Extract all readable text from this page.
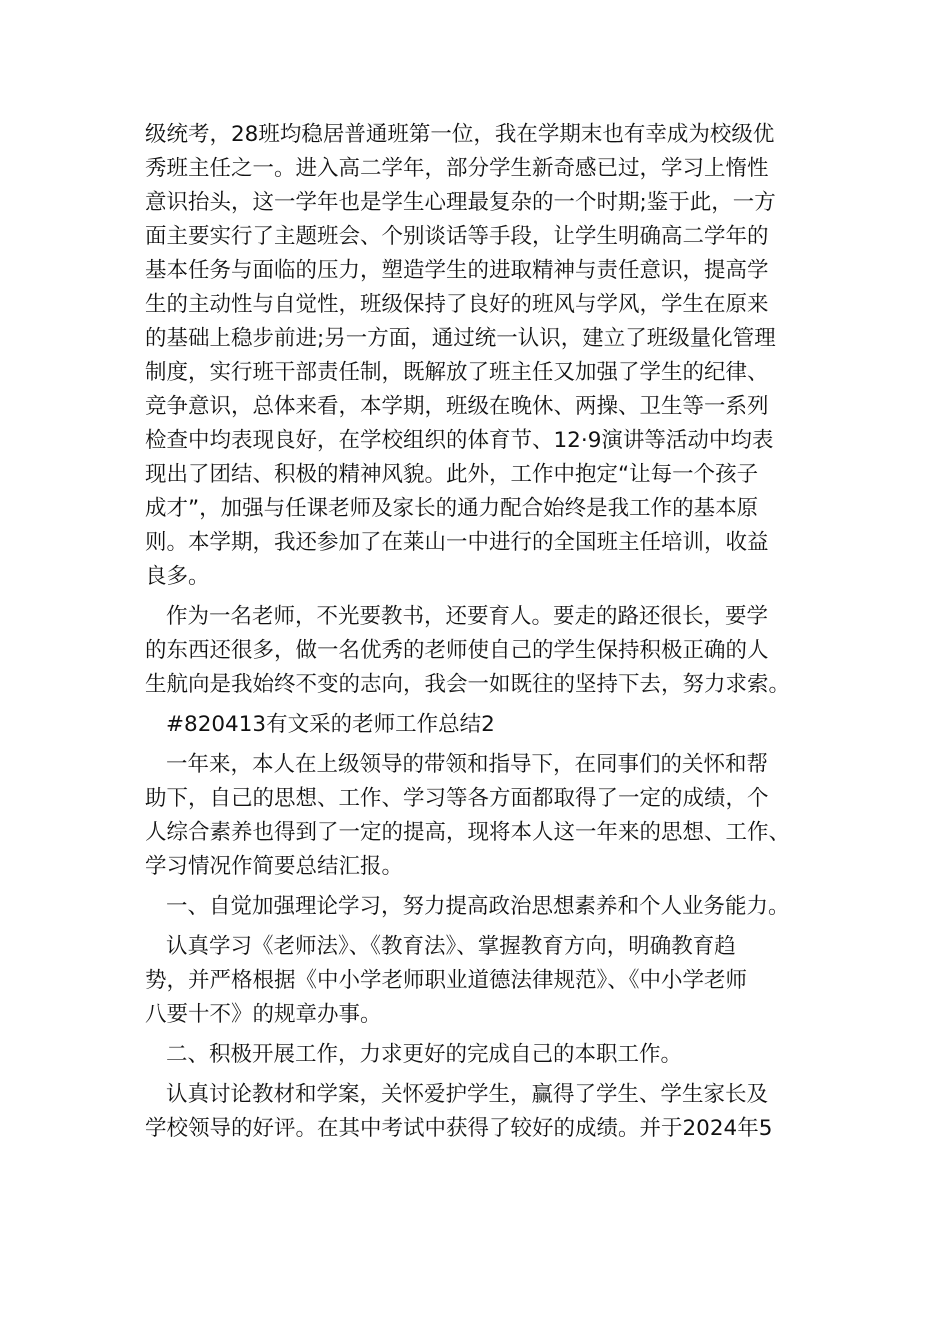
级统考，28班均稳居普通班第一位，我在学期末也有幸成为校级优
秀班主任之一。进入高二学年，部分学生新奇感已过，学习上惰性
意识抬头，这一学年也是学生心理最复杂的一个时期;鉴于此，一方
面主要实行了主题班会、个别谈话等手段，让学生明确高二学年的
基本任务与面临的压力，塑造学生的进取精神与责任意识，提高学
生的主动性与自觉性，班级保持了良好的班风与学风，学生在原来
的基础上稳步前进;另一方面，通过统一认识，建立了班级量化管理
制度，实行班干部责任制，既解放了班主任又加强了学生的纪律、
竞争意识，总体来看，本学期，班级在晚休、两操、卫生等一系列
检查中均表现良好，在学校组织的体育节、12·9演讲等活动中均表
现出了团结、积极的精神风貌。此外，工作中抱定“让每一个孩子
成才”，加强与任课老师及家长的通力配合始终是我工作的基本原
则。本学期，我还参加了在莱山一中进行的全国班主任培训，收益
良多。
作为一名老师，不光要教书，还要育人。要走的路还很长，要学
的东西还很多，做一名优秀的老师使自己的学生保持积极正确的人
生航向是我始终不变的志向，我会一如既往的坚持下去，努力求索。
#820413有文采的老师工作总结2
一年来，本人在上级领导的带领和指导下，在同事们的关怀和帮
助下，自己的思想、工作、学习等各方面都取得了一定的成绩，个
人综合素养也得到了一定的提高，现将本人这一年来的思想、工作、
学习情况作简要总结汇报。
一、自觉加强理论学习，努力提高政治思想素养和个人业务能力。
认真学习《老师法》、《教育法》、掌握教育方向，明确教育趋
势，并严格根据《中小学老师职业道德法律规范》、《中小学老师
八要十不》的规章办事。
二、积极开展工作，力求更好的完成自己的本职工作。
认真讨论教材和学案，关怀爱护学生，赢得了学生、学生家长及
学校领导的好评。在其中考试中获得了较好的成绩。并于2024年5
